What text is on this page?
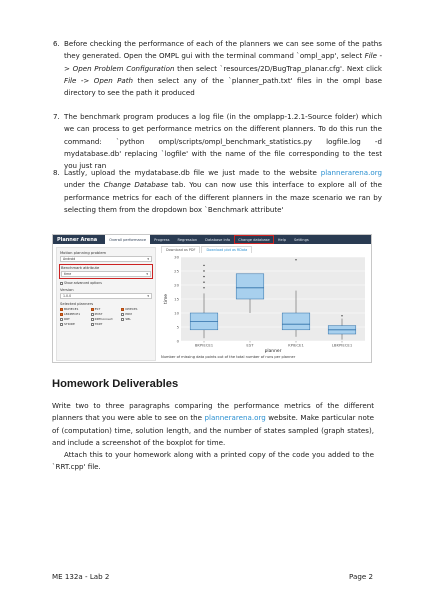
6. Before checking the performance of each of the planners we can see some of the paths they generated. Open the OMPL gui with the terminal command `ompl_app', select File -> Open Problem Configuration then select `resources/2D/BugTrap_planar.cfg'. Next click File -> Open Path then select any of the `planner_path.txt' files in the ompl base directory to see the path it produced

7. The benchmark program produces a log file (in the omplapp-1.2.1-Source folder) which we can process to get performance metrics on the different planners. To do this run the command: `python ompl/scripts/ompl_benchmark_statistics.py logfile.log -d mydatabase.db' replacing `logfile' with the name of the file corresponding to the test you just ran

8. Lastly, upload the mydatabase.db file we just made to the website plannerarena.org under the Change Database tab. You can now use this interface to explore all of the performance metrics for each of the different planners in the maze scenario we ran by selecting them from the dropdown box `Benchmark attribute'

Planner Arena	Overall performance	Progress	Regression	Database info	Change database	Help	Settings
Motion planning problem
Android	▾
Benchmark attribute
time	▾
Show advanced options
Version
1.0.0	▾
Selected planners
BKPIECE1	EST	KPIECE1
LBKPIECE1	PDST	PRM
RRT	RRTConnect	SBL
STRIDE	TRRT
Download as PDF	Download plot as RData
0
5
10
15
20
25
30
BKPIECE1	EST	KPIECE1	LBKPIECE1
planner
time
Number of missing data points out of the total number of runs per planner
Homework Deliverables

Write two to three paragraphs comparing the performance metrics of the different planners that you were able to see on the plannerarena.org website. Make particular note of (computation) time, solution length, and the number of states sampled (graph states), and include a screenshot of the boxplot for time.

Attach this to your homework along with a printed copy of the code you added to the `RRT.cpp' file.

ME 132a - Lab 2	Page 2
